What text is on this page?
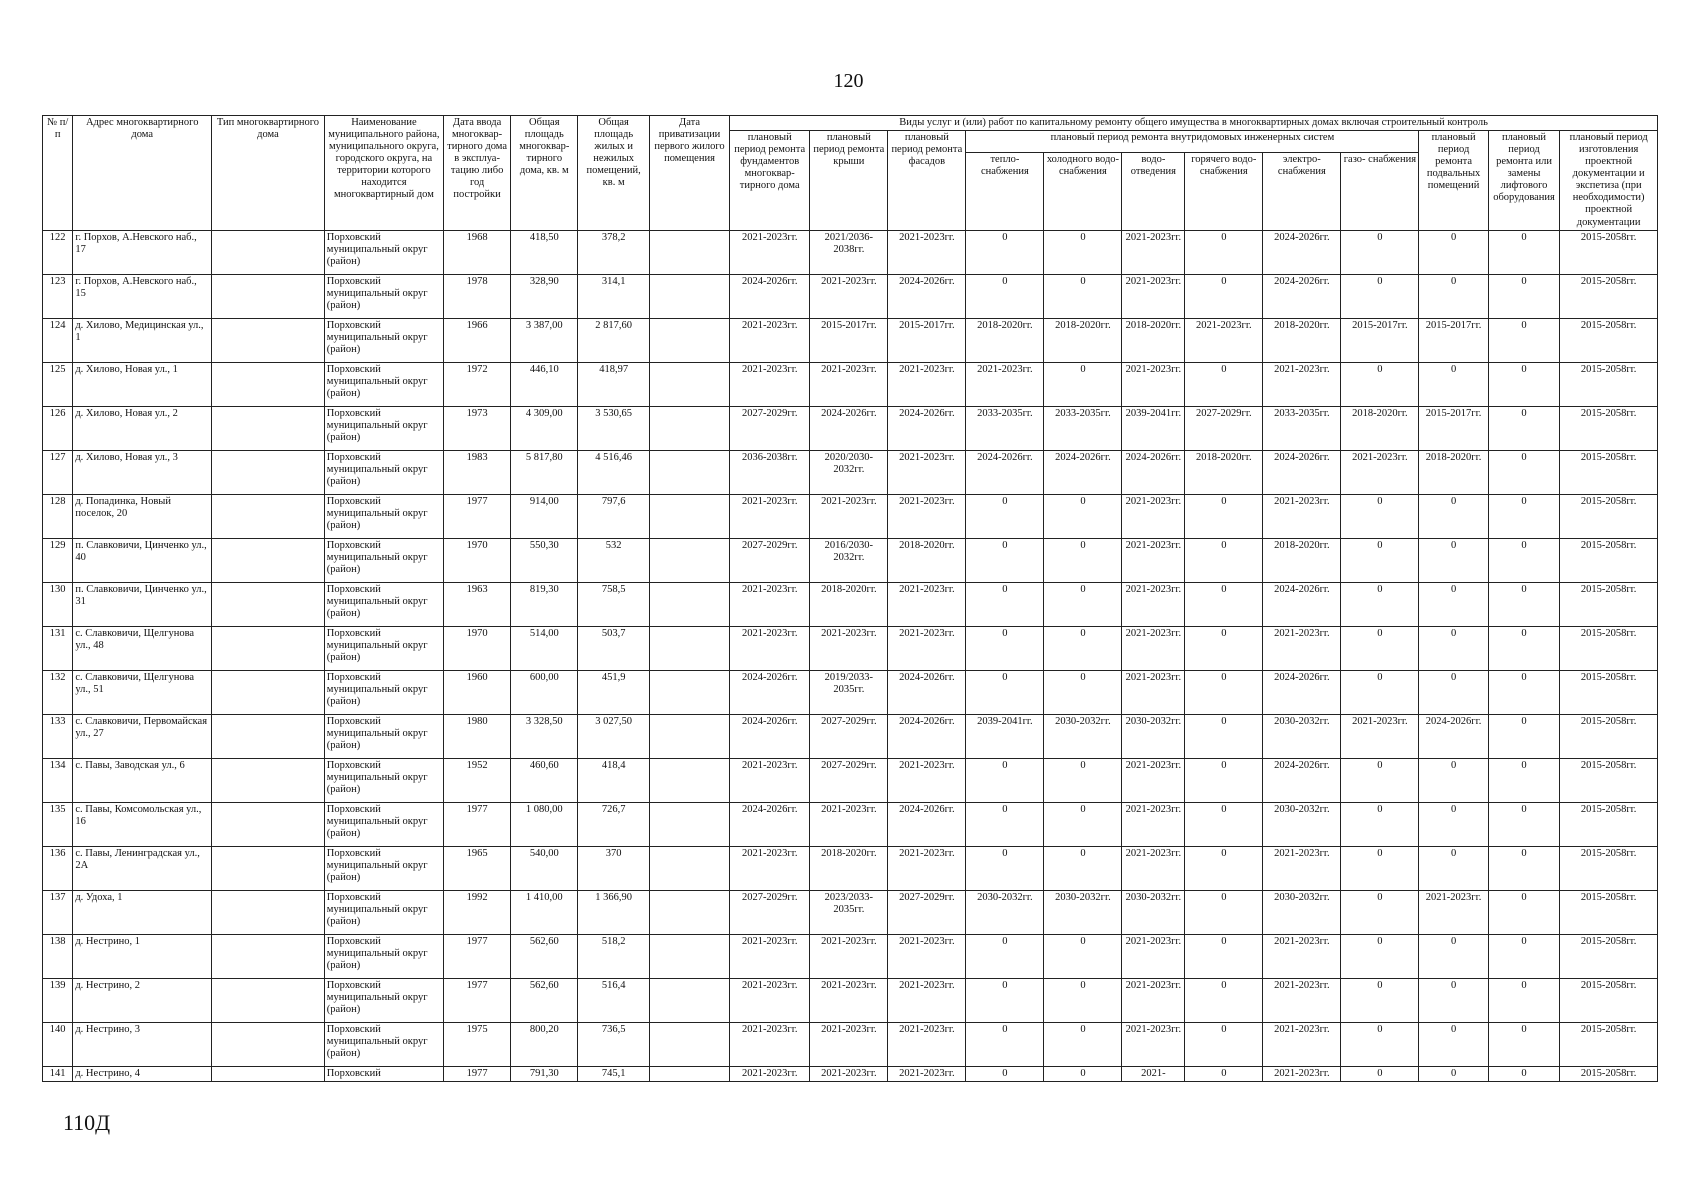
120
№ п/п	Адрес многоквартирного дома	Тип многоквартирного дома	Наименование муниципального района, муниципального округа, городского округа, на территории которого находится многоквартирный дом	Дата ввода многоквар- тирного дома в эксплуа- тацию либо год постройки	Общая площадь многоквар- тирного дома, кв. м	Общая площадь жилых и нежилых помещений, кв. м	Дата приватизации первого жилого помещения	Виды услуг и (или) работ по капитальному ремонту общего имущества в многоквартирных домах включая строительный контроль											
								плановый период ремонта фундаментов многоквар- тирного дома	плановый период ремонта крыши	плановый период ремонта фасадов	плановый период ремонта внутридомовых инженерных систем						плановый период ремонта подвальных помещений	плановый период ремонта или замены лифтового оборудования	плановый период изготовления проектной документации и экспетиза (при необходимости) проектной документации
											тепло- снабжения	холодного водо- снабжения	водо- отведения	горячего водо- снабжения	электро- снабжения	газо- снабжения			
122	г. Порхов, А.Невского наб., 17		Порховский муниципальный округ (район)	1968	418,50	378,2		2021-2023гг.	2021/2036-2038гг.	2021-2023гг.	0	0	2021-2023гг.	0	2024-2026гг.	0	0	0	2015-2058гг.
123	г. Порхов, А.Невского наб., 15		Порховский муниципальный округ (район)	1978	328,90	314,1		2024-2026гг.	2021-2023гг.	2024-2026гг.	0	0	2021-2023гг.	0	2024-2026гг.	0	0	0	2015-2058гг.
124	д. Хилово, Медицинская ул., 1		Порховский муниципальный округ (район)	1966	3 387,00	2 817,60		2021-2023гг.	2015-2017гг.	2015-2017гг.	2018-2020гг.	2018-2020гг.	2018-2020гг.	2021-2023гг.	2018-2020гг.	2015-2017гг.	2015-2017гг.	0	2015-2058гг.
125	д. Хилово, Новая ул., 1		Порховский муниципальный округ (район)	1972	446,10	418,97		2021-2023гг.	2021-2023гг.	2021-2023гг.	2021-2023гг.	0	2021-2023гг.	0	2021-2023гг.	0	0	0	2015-2058гг.
126	д. Хилово, Новая ул., 2		Порховский муниципальный округ (район)	1973	4 309,00	3 530,65		2027-2029гг.	2024-2026гг.	2024-2026гг.	2033-2035гг.	2033-2035гг.	2039-2041гг.	2027-2029гг.	2033-2035гг.	2018-2020гг.	2015-2017гг.	0	2015-2058гг.
127	д. Хилово, Новая ул., 3		Порховский муниципальный округ (район)	1983	5 817,80	4 516,46		2036-2038гг.	2020/2030-2032гг.	2021-2023гг.	2024-2026гг.	2024-2026гг.	2024-2026гг.	2018-2020гг.	2024-2026гг.	2021-2023гг.	2018-2020гг.	0	2015-2058гг.
128	д. Попадинка, Новый поселок, 20		Порховский муниципальный округ (район)	1977	914,00	797,6		2021-2023гг.	2021-2023гг.	2021-2023гг.	0	0	2021-2023гг.	0	2021-2023гг.	0	0	0	2015-2058гг.
129	п. Славковичи, Цинченко ул., 40		Порховский муниципальный округ (район)	1970	550,30	532		2027-2029гг.	2016/2030-2032гг.	2018-2020гг.	0	0	2021-2023гг.	0	2018-2020гг.	0	0	0	2015-2058гг.
130	п. Славковичи, Цинченко ул., 31		Порховский муниципальный округ (район)	1963	819,30	758,5		2021-2023гг.	2018-2020гг.	2021-2023гг.	0	0	2021-2023гг.	0	2024-2026гг.	0	0	0	2015-2058гг.
131	с. Славковичи, Щелгунова ул., 48		Порховский муниципальный округ (район)	1970	514,00	503,7		2021-2023гг.	2021-2023гг.	2021-2023гг.	0	0	2021-2023гг.	0	2021-2023гг.	0	0	0	2015-2058гг.
132	с. Славковичи, Щелгунова ул., 51		Порховский муниципальный округ (район)	1960	600,00	451,9		2024-2026гг.	2019/2033-2035гг.	2024-2026гг.	0	0	2021-2023гг.	0	2024-2026гг.	0	0	0	2015-2058гг.
133	с. Славковичи, Первомайская ул., 27		Порховский муниципальный округ (район)	1980	3 328,50	3 027,50		2024-2026гг.	2027-2029гг.	2024-2026гг.	2039-2041гг.	2030-2032гг.	2030-2032гг.	0	2030-2032гг.	2021-2023гг.	2024-2026гг.	0	2015-2058гг.
134	с. Павы, Заводская ул., 6		Порховский муниципальный округ (район)	1952	460,60	418,4		2021-2023гг.	2027-2029гг.	2021-2023гг.	0	0	2021-2023гг.	0	2024-2026гг.	0	0	0	2015-2058гг.
135	с. Павы, Комсомольская ул., 16		Порховский муниципальный округ (район)	1977	1 080,00	726,7		2024-2026гг.	2021-2023гг.	2024-2026гг.	0	0	2021-2023гг.	0	2030-2032гг.	0	0	0	2015-2058гг.
136	с. Павы, Ленинградская ул., 2А		Порховский муниципальный округ (район)	1965	540,00	370		2021-2023гг.	2018-2020гг.	2021-2023гг.	0	0	2021-2023гг.	0	2021-2023гг.	0	0	0	2015-2058гг.
137	д. Удоха, 1		Порховский муниципальный округ (район)	1992	1 410,00	1 366,90		2027-2029гг.	2023/2033-2035гг.	2027-2029гг.	2030-2032гг.	2030-2032гг.	2030-2032гг.	0	2030-2032гг.	0	2021-2023гг.	0	2015-2058гг.
138	д. Нестрино, 1		Порховский муниципальный округ (район)	1977	562,60	518,2		2021-2023гг.	2021-2023гг.	2021-2023гг.	0	0	2021-2023гг.	0	2021-2023гг.	0	0	0	2015-2058гг.
139	д. Нестрино, 2		Порховский муниципальный округ (район)	1977	562,60	516,4		2021-2023гг.	2021-2023гг.	2021-2023гг.	0	0	2021-2023гг.	0	2021-2023гг.	0	0	0	2015-2058гг.
140	д. Нестрино, 3		Порховский муниципальный округ (район)	1975	800,20	736,5		2021-2023гг.	2021-2023гг.	2021-2023гг.	0	0	2021-2023гг.	0	2021-2023гг.	0	0	0	2015-2058гг.
141	д. Нестрино, 4		Порховский	1977	791,30	745,1		2021-2023гг.	2021-2023гг.	2021-2023гг.	0	0	2021-	0	2021-2023гг.	0	0	0	2015-2058гг.
110Д
